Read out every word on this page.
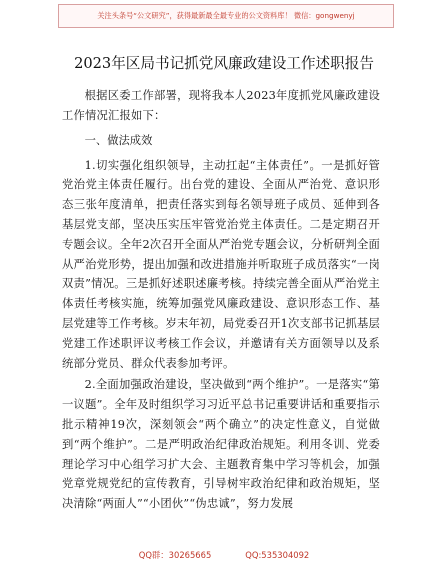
关注头条号“公文研究”，获得最新最全最专业的公文资料库！ 微信：gongwenyj
2023年区局书记抓党风廉政建设工作述职报告

根据区委工作部署，现将我本人2023年度抓党风廉政建设工作情况汇报如下：

一、做法成效

1.切实强化组织领导，主动扛起“主体责任”。一是抓好管党治党主体责任履行。出台党的建设、全面从严治党、意识形态三张年度清单，把责任落实到每名领导班子成员、延伸到各基层党支部，坚决压实压牢管党治党主体责任。二是定期召开专题会议。全年2次召开全面从严治党专题会议，分析研判全面从严治党形势，提出加强和改进措施并听取班子成员落实“一岗双责”情况。三是抓好述职述廉考核。持续完善全面从严治党主体责任考核实施，统筹加强党风廉政建设、意识形态工作、基层党建等工作考核。岁末年初，局党委召开1次支部书记抓基层党建工作述职评议考核工作会议，并邀请有关方面领导以及系统部分党员、群众代表参加考评。

2.全面加强政治建设，坚决做到“两个维护”。一是落实“第一议题”。全年及时组织学习习近平总书记重要讲话和重要指示批示精神19次，深刻领会“两个确立”的决定性意义，自觉做到“两个维护”。二是严明政治纪律政治规矩。利用冬训、党委理论学习中心组学习扩大会、主题教育集中学习等机会，加强党章党规党纪的宣传教育，引导树牢政治纪律和政治规矩，坚决清除“两面人”“小团伙”“伪忠诚”，努力发展

QQ群：30265665	QQ:535304092
